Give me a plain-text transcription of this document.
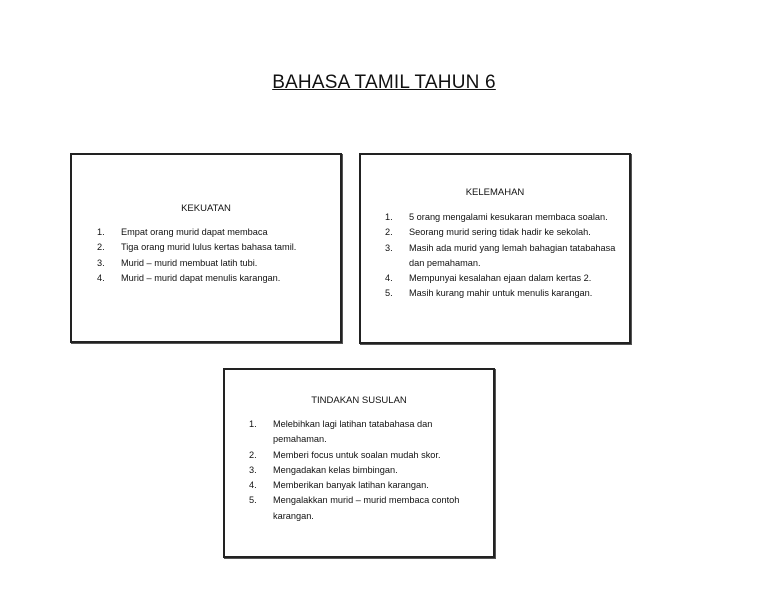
BAHASA TAMIL TAHUN 6
KEKUATAN
1.	Empat orang murid dapat membaca
2.	Tiga orang murid lulus kertas bahasa tamil.
3.	Murid – murid membuat latih tubi.
4.	Murid – murid dapat menulis karangan.
KELEMAHAN
1.	5 orang mengalami kesukaran membaca soalan.
2.	Seorang murid sering tidak hadir ke sekolah.
3.	Masih ada murid yang lemah bahagian tatabahasa dan pemahaman.
4.	Mempunyai kesalahan ejaan dalam kertas 2.
5.	Masih kurang mahir untuk menulis karangan.
TINDAKAN SUSULAN
1.	Melebihkan lagi latihan tatabahasa dan pemahaman.
2.	Memberi focus untuk soalan mudah skor.
3.	Mengadakan kelas bimbingan.
4.	Memberikan banyak latihan karangan.
5.	Mengalakkan murid – murid membaca contoh karangan.
